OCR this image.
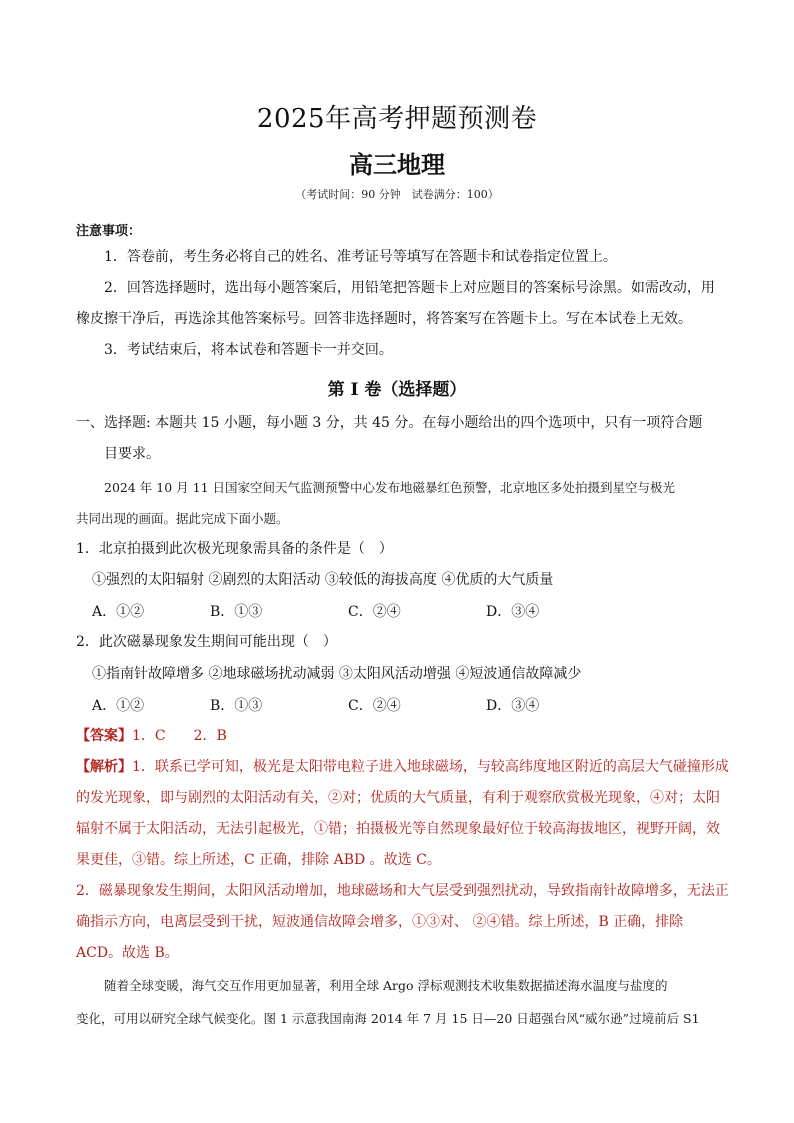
2025年高考押题预测卷
高三地理
（考试时间：90 分钟　试卷满分：100）
注意事项：
1．答卷前，考生务必将自己的姓名、准考证号等填写在答题卡和试卷指定位置上。
2．回答选择题时，选出每小题答案后，用铅笔把答题卡上对应题目的答案标号涂黑。如需改动，用
橡皮擦干净后，再选涂其他答案标号。回答非选择题时，将答案写在答题卡上。写在本试卷上无效。
3．考试结束后，将本试卷和答题卡一并交回。
第 I 卷（选择题）
一、选择题: 本题共 15 小题，每小题 3 分，共 45 分。在每小题给出的四个选项中，只有一项符合题
目要求。
2024 年 10 月 11 日国家空间天气监测预警中心发布地磁暴红色预警，北京地区多处拍摄到星空与极光
共同出现的画面。据此完成下面小题。
1．北京拍摄到此次极光现象需具备的条件是（　）
①强烈的太阳辐射 ②剧烈的太阳活动 ③较低的海拔高度 ④优质的大气质量
A．①②	B．①③	C．②④	D．③④
2．此次磁暴现象发生期间可能出现（　）
①指南针故障增多 ②地球磁场扰动减弱 ③太阳风活动增强 ④短波通信故障减少
A．①②	B．①③	C．②④	D．③④
【答案】1．C　　2．B
【解析】1．联系已学可知，极光是太阳带电粒子进入地球磁场，与较高纬度地区附近的高层大气碰撞形成
的发光现象，即与剧烈的太阳活动有关，②对；优质的大气质量，有利于观察欣赏极光现象，④对；太阳
辐射不属于太阳活动，无法引起极光，①错；拍摄极光等自然现象最好位于较高海拔地区，视野开阔，效
果更佳，③错。综上所述，C 正确，排除 ABD 。故选 C。
2．磁暴现象发生期间，太阳风活动增加，地球磁场和大气层受到强烈扰动，导致指南针故障增多，无法正
确指示方向，电离层受到干扰，短波通信故障会增多，①③对、 ②④错。综上所述，B 正确，排除
ACD。故选 B。
随着全球变暖，海气交互作用更加显著，利用全球 Argo 浮标观测技术收集数据描述海水温度与盐度的
变化，可用以研究全球气候变化。图 1 示意我国南海 2014 年 7 月 15 日—20 日超强台风“威尔逊”过境前后 S1
